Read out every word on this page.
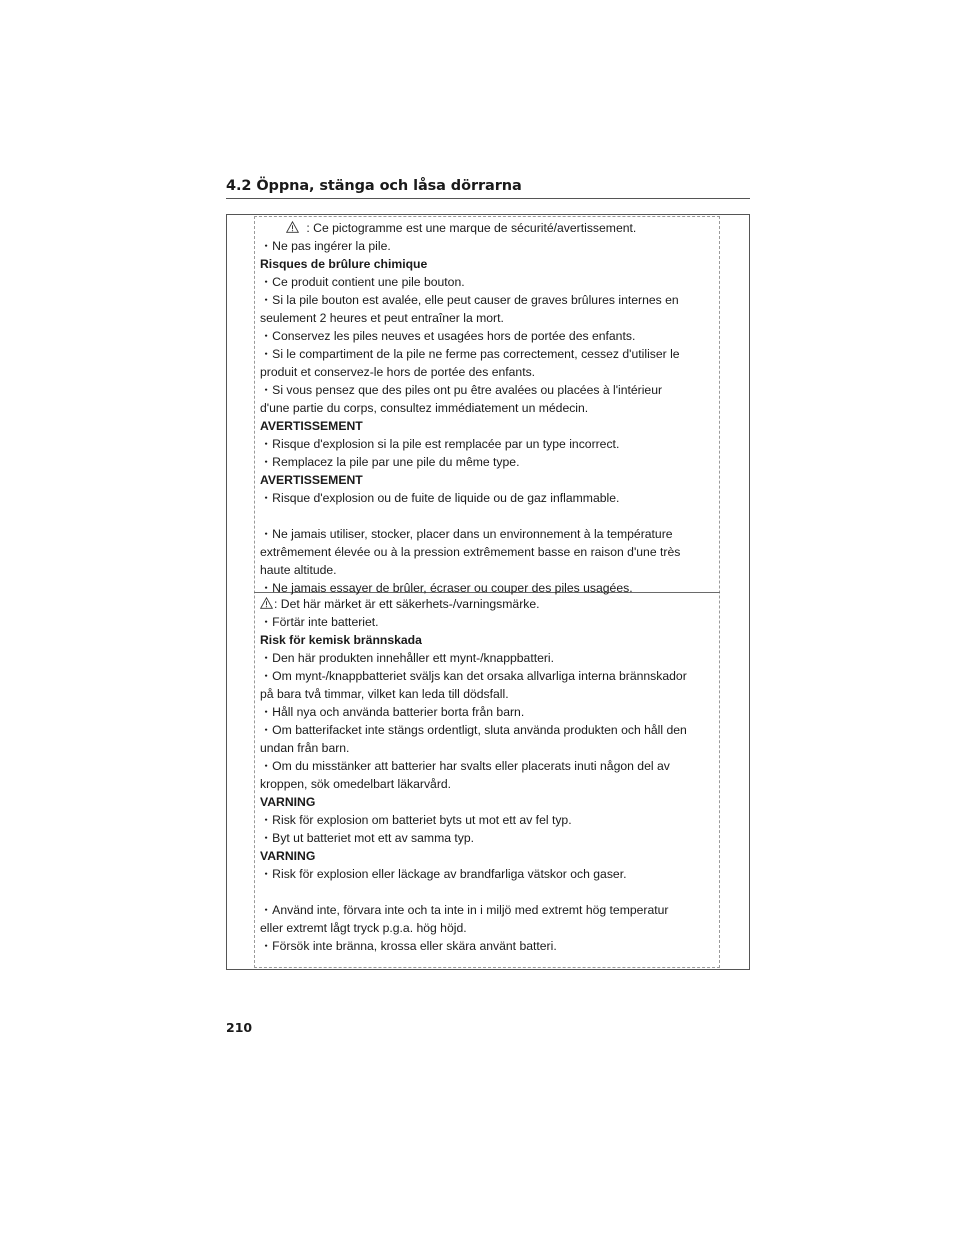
4.2 Öppna, stänga och låsa dörrarna
: Ce pictogramme est une marque de sécurité/avertissement.
・Ne pas ingérer la pile.
Risques de brûlure chimique
・Ce produit contient une pile bouton.
・Si la pile bouton est avalée, elle peut causer de graves brûlures internes en
seulement 2 heures et peut entraîner la mort.
・Conservez les piles neuves et usagées hors de portée des enfants.
・Si le compartiment de la pile ne ferme pas correctement, cessez d'utiliser le
produit et conservez-le hors de portée des enfants.
・Si vous pensez que des piles ont pu être avalées ou placées à l'intérieur
d'une partie du corps, consultez immédiatement un médecin.
AVERTISSEMENT
・Risque d'explosion si la pile est remplacée par un type incorrect.
・Remplacez la pile par une pile du même type.
AVERTISSEMENT
・Risque d'explosion ou de fuite de liquide ou de gaz inflammable.
・Ne jamais utiliser, stocker, placer dans un environnement à la température
extrêmement élevée ou à la pression extrêmement basse en raison d'une très
haute altitude.
・Ne jamais essayer de brûler, écraser ou couper des piles usagées.
: Det här märket är ett säkerhets-/varningsmärke.
・Förtär inte batteriet.
Risk för kemisk brännskada
・Den här produkten innehåller ett mynt-/knappbatteri.
・Om mynt-/knappbatteriet sväljs kan det orsaka allvarliga interna brännskador
på bara två timmar, vilket kan leda till dödsfall.
・Håll nya och använda batterier borta från barn.
・Om batterifacket inte stängs ordentligt, sluta använda produkten och håll den
undan från barn.
・Om du misstänker att batterier har svalts eller placerats inuti någon del av
kroppen, sök omedelbart läkarvård.
VARNING
・Risk för explosion om batteriet byts ut mot ett av fel typ.
・Byt ut batteriet mot ett av samma typ.
VARNING
・Risk för explosion eller läckage av brandfarliga vätskor och gaser.
・Använd inte, förvara inte och ta inte in i miljö med extremt hög temperatur
eller extremt lågt tryck p.g.a. hög höjd.
・Försök inte bränna, krossa eller skära använt batteri.
210
